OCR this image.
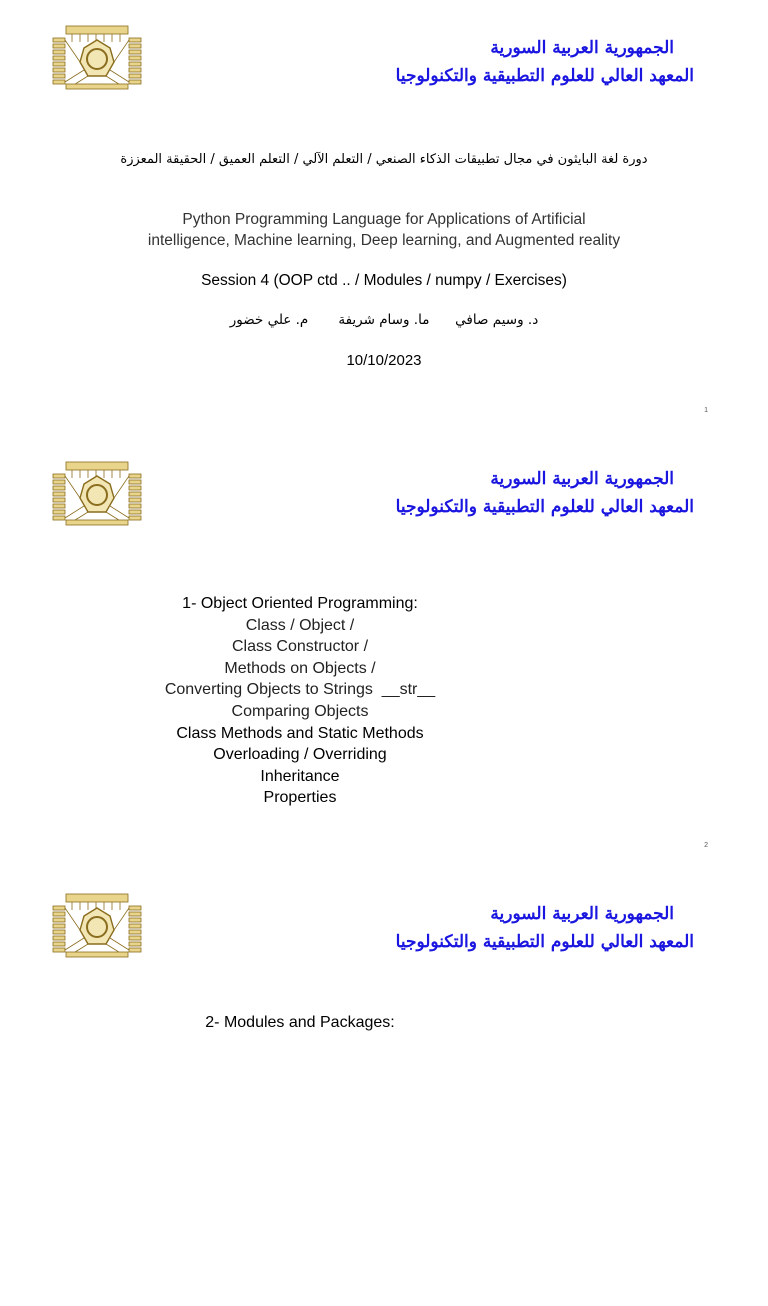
الجمهورية العربية السورية
المعهد العالي للعلوم التطبيقية والتكنولوجيا
دورة لغة البايثون في مجال تطبيقات الذكاء الصنعي / التعلم الآلي / التعلم العميق / الحقيقة المعززة
Python Programming Language for Applications of Artificial
intelligence, Machine learning, Deep learning, and Augmented reality
Session 4 (OOP ctd .. / Modules / numpy / Exercises)
د. وسيم صافي      ما. وسام شريفة       م. علي خضور
10/10/2023
1
الجمهورية العربية السورية
المعهد العالي للعلوم التطبيقية والتكنولوجيا
1- Object Oriented Programming:
Class / Object /
Class Constructor /
Methods on Objects /
Converting Objects to Strings  __str__
Comparing Objects
Class Methods and Static Methods
Overloading / Overriding
Inheritance
Properties
2
الجمهورية العربية السورية
المعهد العالي للعلوم التطبيقية والتكنولوجيا
2- Modules and Packages:
